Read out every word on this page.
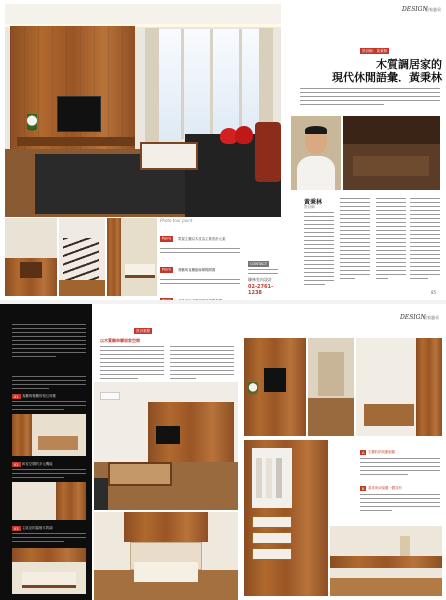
Photo tour point
Point 電視主牆以木皮為主要設計元素
Point 餐廳與客廳動線順暢開闊
CONTACT
臻林室內設計
02-2761-1238
DESIGN
居家風采
設計師：黃秉林
木質調居家的
現代休閒語彙．黃秉林
黃秉林
設計師
85
01	客廳與餐廳的相互呼應
02	和室空間的多元機能
03	主臥室的溫暖木質調
設計重點
以木質調串聯居家空間
DESIGN
居家風采
A	衣櫃收納規劃細膩
B	書桌與床頭櫃一體成形
